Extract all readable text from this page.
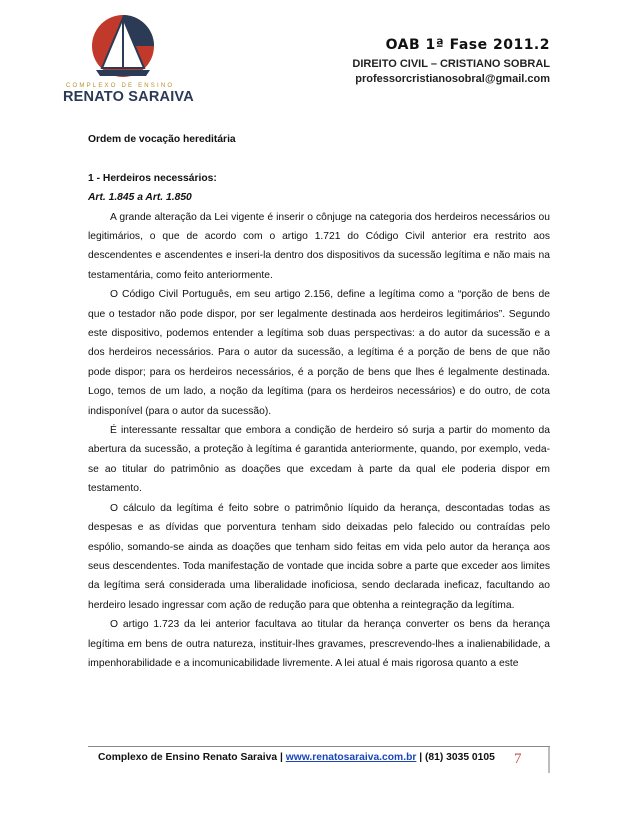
COMPLEXO DE ENSINO
RENATO SARAIVA
OAB 1ª Fase 2011.2
DIREITO CIVIL – CRISTIANO SOBRAL
professorcristianosobral@gmail.com

Ordem de vocação hereditária

1 - Herdeiros necessários:

Art. 1.845 a Art. 1.850

A grande alteração da Lei vigente é inserir o cônjuge na categoria dos herdeiros necessários ou legitimários, o que de acordo com o artigo 1.721 do Código Civil anterior era restrito aos descendentes e ascendentes e inseri-la dentro dos dispositivos da sucessão legítima e não mais na testamentária, como feito anteriormente.

O Código Civil Português, em seu artigo 2.156, define a legítima como a “porção de bens de que o testador não pode dispor, por ser legalmente destinada aos herdeiros legitimários”. Segundo este dispositivo, podemos entender a legítima sob duas perspectivas: a do autor da sucessão e a dos herdeiros necessários. Para o autor da sucessão, a legítima é a porção de bens de que não pode dispor; para os herdeiros necessários, é a porção de bens que lhes é legalmente destinada. Logo, temos de um lado, a noção da legítima (para os herdeiros necessários) e do outro, de cota indisponível (para o autor da sucessão).

É interessante ressaltar que embora a condição de herdeiro só surja a partir do momento da abertura da sucessão, a proteção à legítima é garantida anteriormente, quando, por exemplo, veda-se ao titular do patrimônio as doações que excedam à parte da qual ele poderia dispor em testamento.

O cálculo da legítima é feito sobre o patrimônio líquido da herança, descontadas todas as despesas e as dívidas que porventura tenham sido deixadas pelo falecido ou contraídas pelo espólio, somando-se ainda as doações que tenham sido feitas em vida pelo autor da herança aos seus descendentes. Toda manifestação de vontade que incida sobre a parte que exceder aos limites da legítima será considerada uma liberalidade inoficiosa, sendo declarada ineficaz, facultando ao herdeiro lesado ingressar com ação de redução para que obtenha a reintegração da legítima.

O artigo 1.723 da lei anterior facultava ao titular da herança converter os bens da herança legítima em bens de outra natureza, instituir-lhes gravames, prescrevendo-lhes a inalienabilidade, a impenhorabilidade e a incomunicabilidade livremente. A lei atual é mais rigorosa quanto a este

Complexo de Ensino Renato Saraiva | www.renatosaraiva.com.br | (81) 3035 0105 7
